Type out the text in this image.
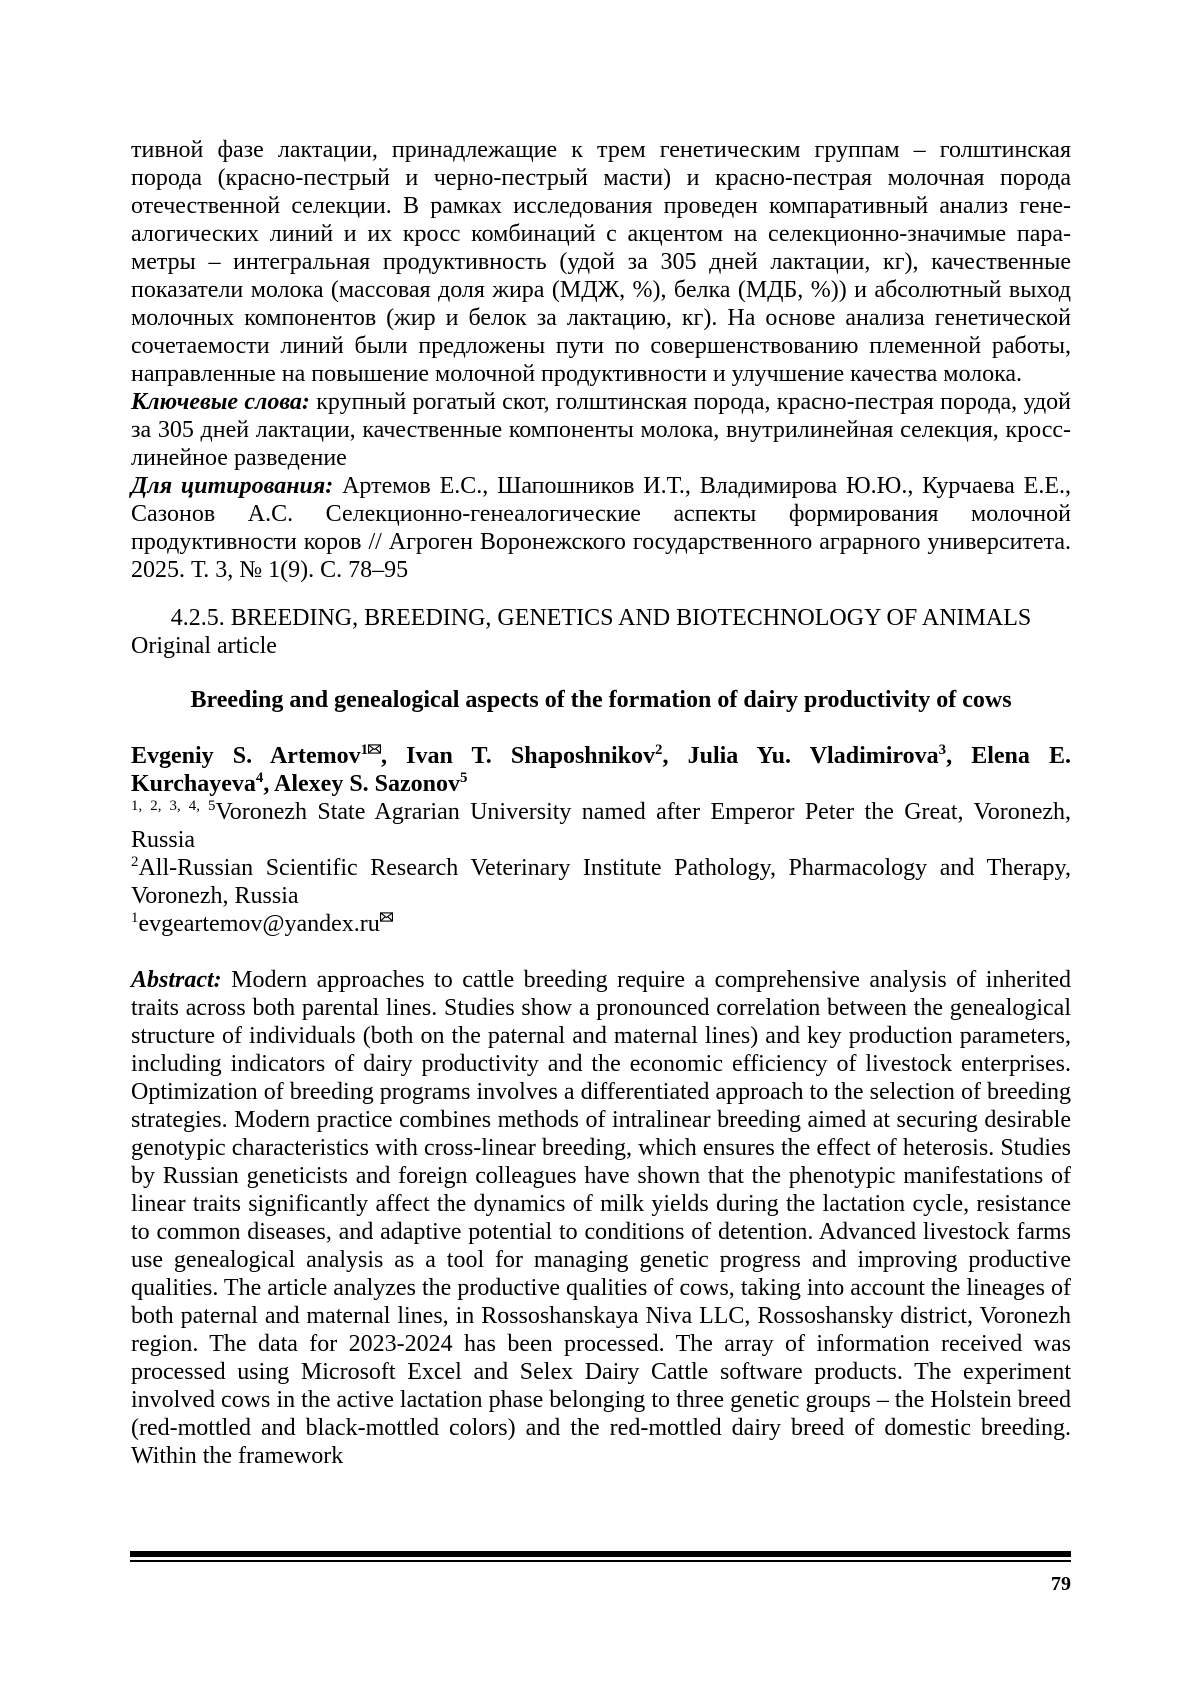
тивной фазе лактации, принадлежащие к трем генетическим группам – голштинская порода (красно-пестрый и черно-пестрый масти) и красно-пестрая молочная порода отечественной селекции. В рамках исследования проведен компаративный анализ генеалогических линий и их кросс комбинаций с акцентом на селекционно-значимые параметры – интегральная продуктивность (удой за 305 дней лактации, кг), качественные показатели молока (массовая доля жира (МДЖ, %), белка (МДБ, %)) и абсолютный выход молочных компонентов (жир и белок за лактацию, кг). На основе анализа генетической сочетаемости линий были предложены пути по совершенствованию племенной работы, направленные на повышение молочной продуктивности и улучшение качества молока.

Ключевые слова: крупный рогатый скот, голштинская порода, красно-пестрая порода, удой за 305 дней лактации, качественные компоненты молока, внутрилинейная селекция, кросс-линейное разведение

Для цитирования: Артемов Е.С., Шапошников И.Т., Владимирова Ю.Ю., Курчаева Е.Е., Сазонов А.С. Селекционно-генеалогические аспекты формирования молочной продуктивности коров // Агроген Воронежского государственного аграрного университета. 2025. Т. 3, № 1(9). С. 78–95

4.2.5. BREEDING, BREEDING, GENETICS AND BIOTECHNOLOGY OF ANIMALS

Original article

Breeding and genealogical aspects of the formation of dairy productivity of cows

Evgeniy S. Artemov$^1$ , Ivan T. Shaposhnikov$^2$, Julia Yu. Vladimirova$^3$, Elena E. Kurchayeva$^4$, Alexey S. Sazonov$^5$

$^{1, 2, 3, 4, 5}$Voronezh State Agrarian University named after Emperor Peter the Great, Voronezh, Russia

$^2$All-Russian Scientific Research Veterinary Institute Pathology, Pharmacology and Therapy, Voronezh, Russia

$^1$evgeartemov@yandex.ru

Abstract: Modern approaches to cattle breeding require a comprehensive analysis of inherited traits across both parental lines. Studies show a pronounced correlation between the genealogical structure of individuals (both on the paternal and maternal lines) and key production parameters, including indicators of dairy productivity and the economic efficiency of livestock enterprises. Optimization of breeding programs involves a differentiated approach to the selection of breeding strategies. Modern practice combines methods of intralinear breeding aimed at securing desirable genotypic characteristics with cross-linear breeding, which ensures the effect of heterosis. Studies by Russian geneticists and foreign colleagues have shown that the phenotypic manifestations of linear traits significantly affect the dynamics of milk yields during the lactation cycle, resistance to common diseases, and adaptive potential to conditions of detention. Advanced livestock farms use genealogical analysis as a tool for managing genetic progress and improving productive qualities. The article analyzes the productive qualities of cows, taking into account the lineages of both paternal and maternal lines, in Rossoshanskaya Niva LLC, Rossoshansky district, Voronezh region. The data for 2023-2024 has been processed. The array of information received was processed using Microsoft Excel and Selex Dairy Cattle software products. The experiment involved cows in the active lactation phase belonging to three genetic groups – the Holstein breed (red-mottled and black-mottled colors) and the red-mottled dairy breed of domestic breeding. Within the framework

79
